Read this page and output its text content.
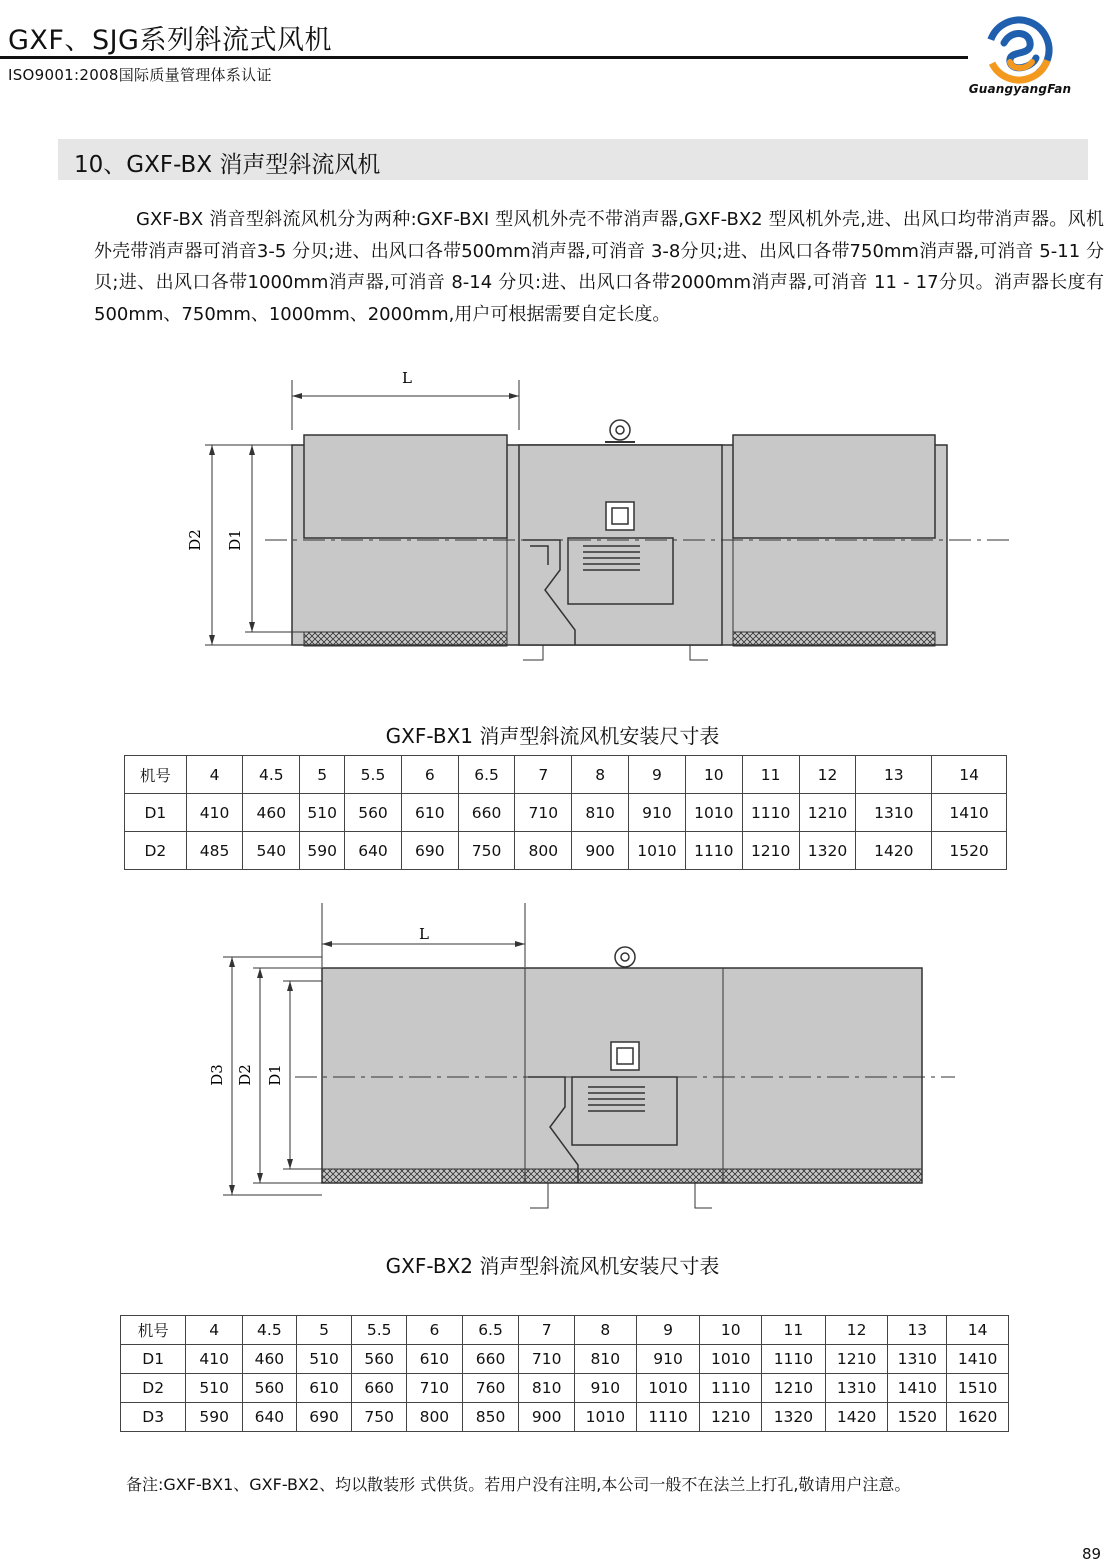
GXF、SJG系列斜流式风机
ISO9001:2008国际质量管理体系认证
GuangyangFan
10、GXF-BX 消声型斜流风机
GXF-BX 消音型斜流风机分为两种:GXF-BXI 型风机外壳不带消声器,GXF-BX2 型风机外壳,进、出风口均带消声器。风机外壳带消声器可消音3-5 分贝;进、出风口各带500mm消声器,可消音 3-8分贝;进、出风口各带750mm消声器,可消音 5-11 分贝;进、出风口各带1000mm消声器,可消音 8-14 分贝:进、出风口各带2000mm消声器,可消音 11 - 17分贝。消声器长度有500mm、750mm、1000mm、2000mm,用户可根据需要自定长度。
L
D2 D1
GXF-BX1 消声型斜流风机安装尺寸表
机号	4	4.5	5	5.5	6	6.5	7	8	9	10	11	12	13	14
D1	410	460	510	560	610	660	710	810	910	1010	1110	1210	1310	1410
D2	485	540	590	640	690	750	800	900	1010	1110	1210	1320	1420	1520
L
D3 D2 D1
GXF-BX2 消声型斜流风机安装尺寸表
机号	4	4.5	5	5.5	6	6.5	7	8	9	10	11	12	13	14
D1	410	460	510	560	610	660	710	810	910	1010	1110	1210	1310	1410
D2	510	560	610	660	710	760	810	910	1010	1110	1210	1310	1410	1510
D3	590	640	690	750	800	850	900	1010	1110	1210	1320	1420	1520	1620
备注:GXF-BX1、GXF-BX2、均以散装形 式供货。若用户没有注明,本公司一般不在法兰上打孔,敬请用户注意。
89
